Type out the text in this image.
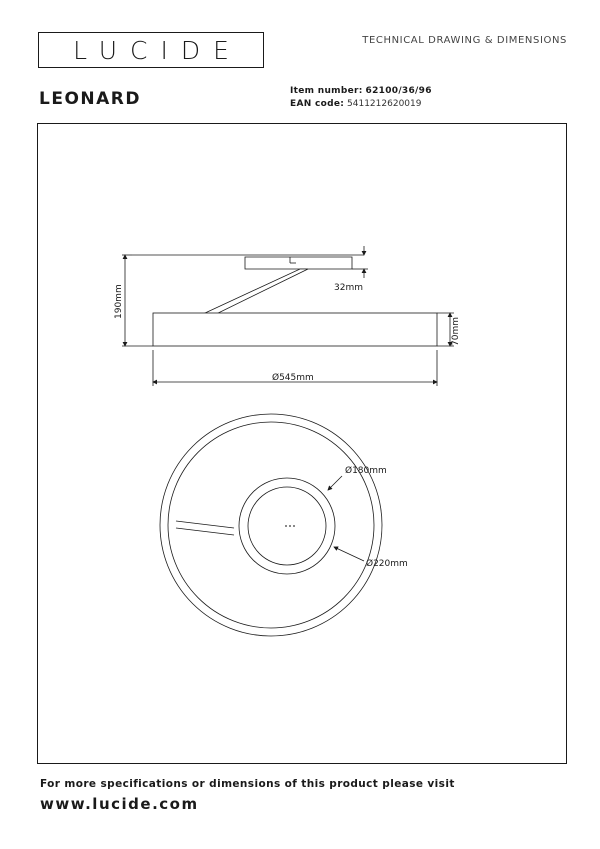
LUCIDE	TECHNICAL DRAWING & DIMENSIONS
LEONARD	Item number: 62100/36/96
EAN code: 5411212620019
190mm	32mm
70mm
Ø545mm
Ø180mm
Ø220mm
For more specifications or dimensions of this product please visit
www.lucide.com
